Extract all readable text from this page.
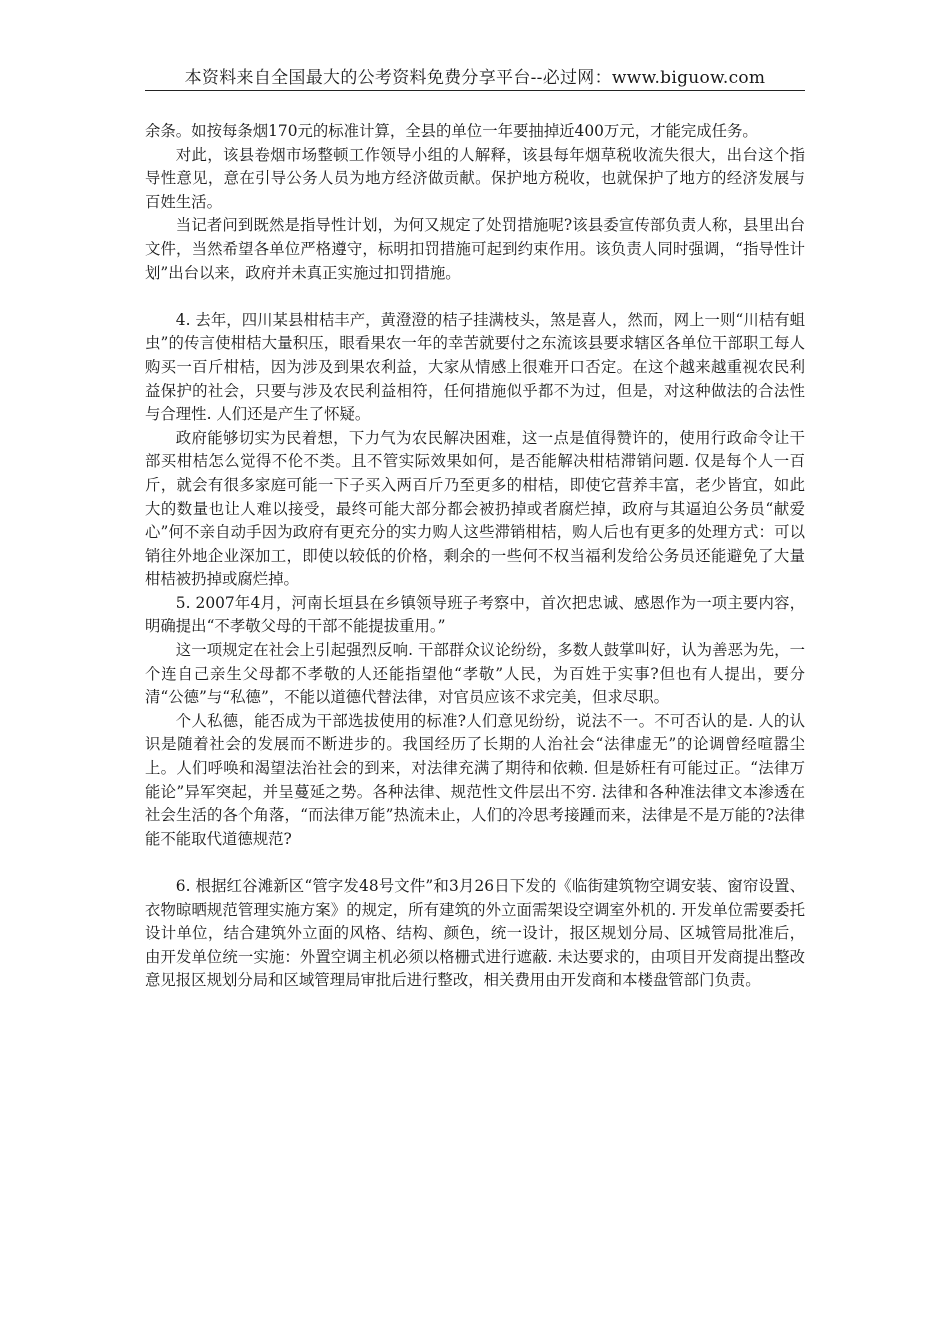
本资料来自全国最大的公考资料免费分享平台--必过网：www.biguow.com

余条。如按每条烟170元的标准计算，全县的单位一年要抽掉近400万元，才能完成任务。

对此，该县卷烟市场整顿工作领导小组的人解释，该县每年烟草税收流失很大，出台这个指导性意见，意在引导公务人员为地方经济做贡献。保护地方税收，也就保护了地方的经济发展与百姓生活。

当记者问到既然是指导性计划，为何又规定了处罚措施呢?该县委宣传部负责人称，县里出台文件，当然希望各单位严格遵守，标明扣罚措施可起到约束作用。该负责人同时强调，“指导性计划”出台以来，政府并未真正实施过扣罚措施。

4. 去年，四川某县柑桔丰产，黄澄澄的桔子挂满枝头，煞是喜人，然而，网上一则“川桔有蛆虫”的传言使柑桔大量积压，眼看果农一年的幸苦就要付之东流该县要求辖区各单位干部职工每人购买一百斤柑桔，因为涉及到果农利益，大家从情感上很难开口否定。在这个越来越重视农民利益保护的社会，只要与涉及农民利益相符，任何措施似乎都不为过，但是，对这种做法的合法性与合理性. 人们还是产生了怀疑。

政府能够切实为民着想，下力气为农民解决困难，这一点是值得赞许的，使用行政命令让干部买柑桔怎么觉得不伦不类。且不管实际效果如何，是否能解决柑桔滞销问题. 仅是每个人一百斤，就会有很多家庭可能一下子买入两百斤乃至更多的柑桔，即使它营养丰富，老少皆宜，如此大的数量也让人难以接受，最终可能大部分都会被扔掉或者腐烂掉，政府与其逼迫公务员“献爱心”何不亲自动手因为政府有更充分的实力购人这些滞销柑桔，购人后也有更多的处理方式：可以销往外地企业深加工，即使以较低的价格，剩余的一些何不权当福利发给公务员还能避免了大量柑桔被扔掉或腐烂掉。

5. 2007年4月，河南长垣县在乡镇领导班子考察中，首次把忠诚、感恩作为一项主要内容，明确提出“不孝敬父母的干部不能提拔重用。”

这一项规定在社会上引起强烈反响. 干部群众议论纷纷，多数人鼓掌叫好，认为善恶为先，一个连自己亲生父母都不孝敬的人还能指望他“孝敬”人民，为百姓于实事?但也有人提出，要分清“公德”与“私德”，不能以道德代替法律，对官员应该不求完美，但求尽职。

个人私德，能否成为干部选拔使用的标准?人们意见纷纷，说法不一。不可否认的是. 人的认识是随着社会的发展而不断进步的。我国经历了长期的人治社会“法律虚无”的论调曾经喧嚣尘上。人们呼唤和渴望法治社会的到来，对法律充满了期待和依赖. 但是娇枉有可能过正。“法律万能论”异军突起，并呈蔓延之势。各种法律、规范性文件层出不穷. 法律和各种准法律文本渗透在社会生活的各个角落，“而法律万能”热流未止，人们的冷思考接踵而来，法律是不是万能的?法律能不能取代道德规范?

6. 根据红谷滩新区“管字发48号文件”和3月26日下发的《临街建筑物空调安装、窗帘设置、衣物晾晒规范管理实施方案》的规定，所有建筑的外立面需架设空调室外机的. 开发单位需要委托设计单位，结合建筑外立面的风格、结构、颜色，统一设计，报区规划分局、区城管局批准后，由开发单位统一实施：外置空调主机必须以格栅式进行遮蔽. 未达要求的，由项目开发商提出整改意见报区规划分局和区域管理局审批后进行整改，相关费用由开发商和本楼盘管部门负责。
